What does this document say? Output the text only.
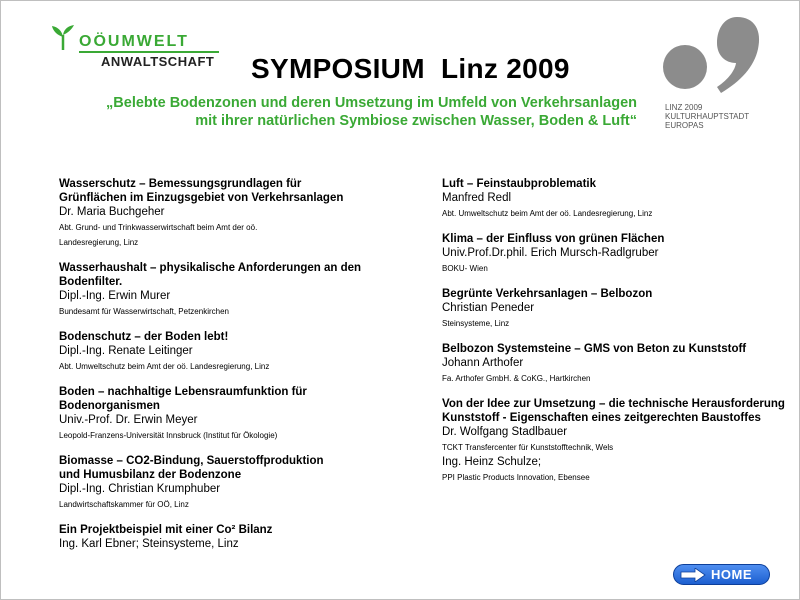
OÖUMWELT
ANWALTSCHAFT SYMPOSIUM  Linz 2009
LINZ 2009
KULTURHAUPTSTADT
EUROPAS
„Belebte Bodenzonen und deren Umsetzung im Umfeld von Verkehrsanlagen
mit ihrer natürlichen Symbiose zwischen Wasser, Boden & Luft“
Wasserschutz – Bemessungsgrundlagen für
Grünflächen im Einzugsgebiet von Verkehrsanlagen
Dr. Maria Buchgeher
Abt. Grund- und Trinkwasserwirtschaft beim Amt der oö.
Landesregierung, Linz
Wasserhaushalt – physikalische Anforderungen an den
Bodenfilter.
Dipl.-Ing. Erwin Murer
Bundesamt für Wasserwirtschaft, Petzenkirchen
Bodenschutz – der Boden lebt!
Dipl.-Ing. Renate Leitinger
Abt. Umweltschutz beim Amt der oö. Landesregierung, Linz
Boden – nachhaltige Lebensraumfunktion für
Bodenorganismen
Univ.-Prof. Dr. Erwin Meyer
Leopold-Franzens-Universität Innsbruck (Institut für Ökologie)
Biomasse – CO2-Bindung, Sauerstoffproduktion
und Humusbilanz der Bodenzone
Dipl.-Ing. Christian Krumphuber
Landwirtschaftskammer für OÖ, Linz
Ein Projektbeispiel mit einer Co² Bilanz
Ing. Karl Ebner; Steinsysteme, Linz
Luft – Feinstaubproblematik
Manfred Redl
Abt. Umweltschutz beim Amt der oö. Landesregierung, Linz
Klima – der Einfluss von grünen Flächen
Univ.Prof.Dr.phil. Erich Mursch-Radlgruber
BOKU- Wien
Begrünte Verkehrsanlagen – Belbozon
Christian Peneder
Steinsysteme, Linz
Belbozon Systemsteine – GMS von Beton zu Kunststoff
Johann Arthofer
Fa. Arthofer GmbH. & CoKG., Hartkirchen
Von der Idee zur Umsetzung – die technische Herausforderung
Kunststoff - Eigenschaften eines zeitgerechten Baustoffes
Dr. Wolfgang Stadlbauer
TCKT Transfercenter für Kunststofftechnik, Wels
Ing. Heinz Schulze;
PPI Plastic Products Innovation, Ebensee
HOME
